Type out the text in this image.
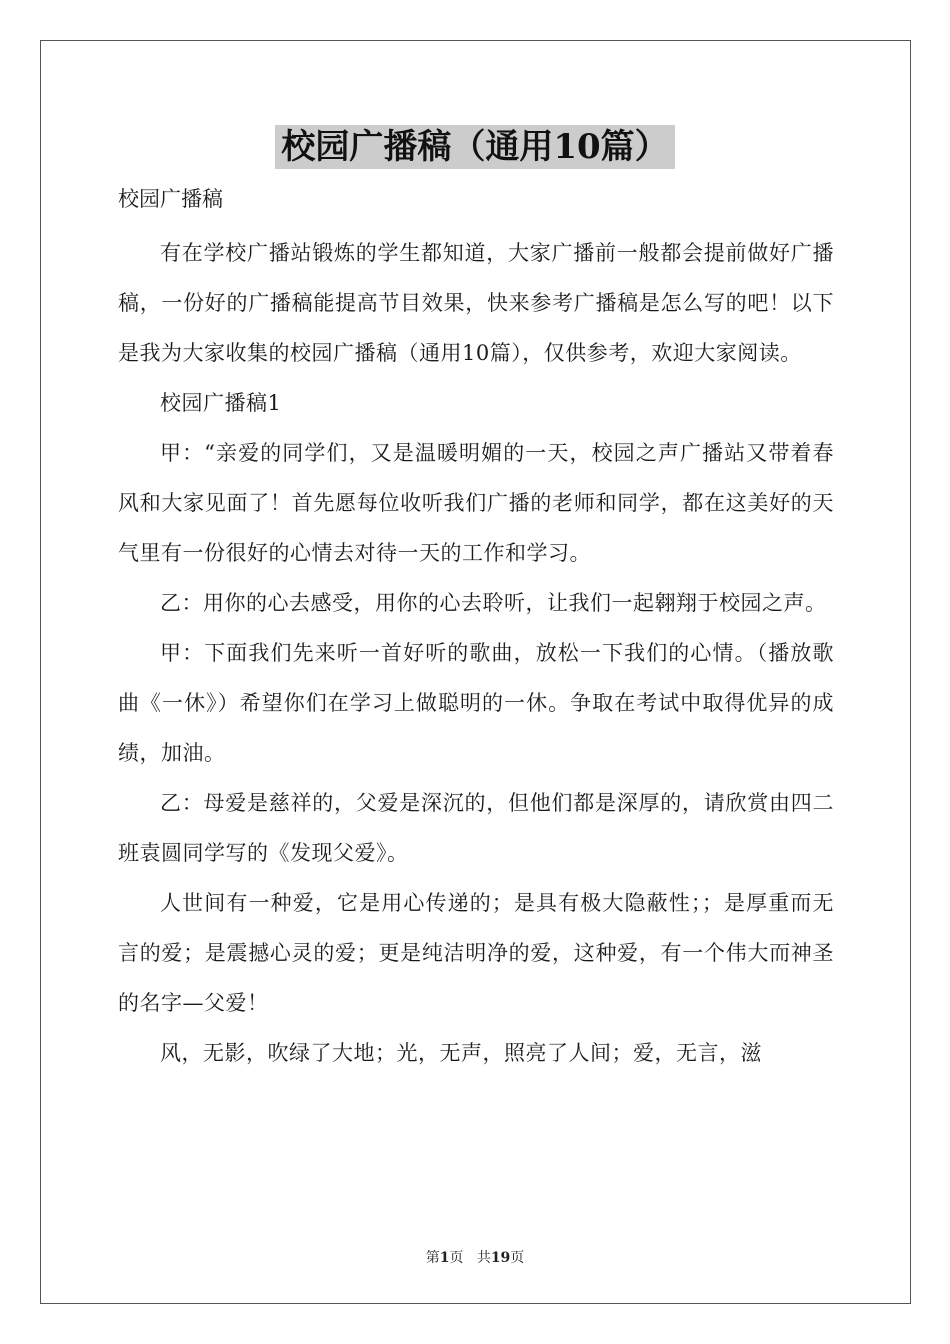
校园广播稿（通用10篇）
校园广播稿

有在学校广播站锻炼的学生都知道，大家广播前一般都会提前做好广播稿，一份好的广播稿能提高节目效果，快来参考广播稿是怎么写的吧！以下是我为大家收集的校园广播稿（通用10篇），仅供参考，欢迎大家阅读。

校园广播稿1

甲：“亲爱的同学们，又是温暖明媚的一天，校园之声广播站又带着春风和大家见面了！首先愿每位收听我们广播的老师和同学，都在这美好的天气里有一份很好的心情去对待一天的工作和学习。

乙：用你的心去感受，用你的心去聆听，让我们一起翱翔于校园之声。

甲：下面我们先来听一首好听的歌曲，放松一下我们的心情。（播放歌曲《一休》）希望你们在学习上做聪明的一休。争取在考试中取得优异的成绩，加油。

乙：母爱是慈祥的，父爱是深沉的，但他们都是深厚的，请欣赏由四二班袁圆同学写的《发现父爱》。

人世间有一种爱，它是用心传递的；是具有极大隐蔽性；；是厚重而无言的爱；是震撼心灵的爱；更是纯洁明净的爱，这种爱，有一个伟大而神圣的名字—父爱！

风，无影，吹绿了大地；光，无声，照亮了人间；爱，无言，滋

第1页 共19页
